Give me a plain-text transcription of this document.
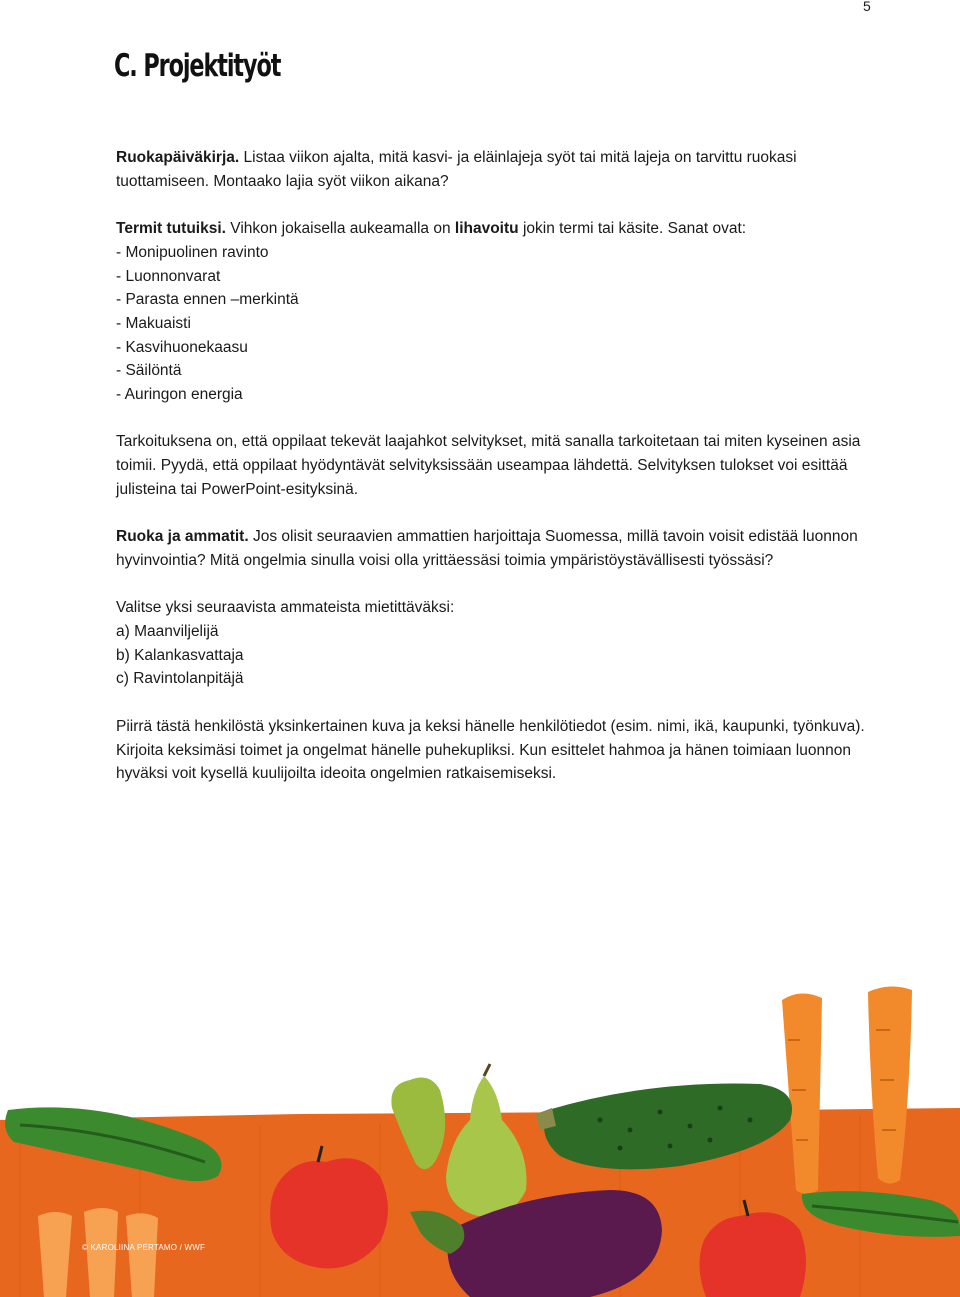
5
C. Projektityöt

Ruokapäiväkirja. Listaa viikon ajalta, mitä kasvi- ja eläinlajeja syöt tai mitä lajeja on tarvittu ruokasi tuottamiseen. Montaako lajia syöt viikon aikana?

Termit tutuiksi. Vihkon jokaisella aukeamalla on lihavoitu jokin termi tai käsite. Sanat ovat:

- Monipuolinen ravinto
- Luonnonvarat
- Parasta ennen –merkintä
- Makuaisti
- Kasvihuonekaasu
- Säilöntä
- Auringon energia

Tarkoituksena on, että oppilaat tekevät laajahkot selvitykset, mitä sanalla tarkoitetaan tai miten kyseinen asia toimii. Pyydä, että oppilaat hyödyntävät selvityksissään useampaa lähdettä. Selvityksen tulokset voi esittää julisteina tai PowerPoint-esityksinä.

Ruoka ja ammatit. Jos olisit seuraavien ammattien harjoittaja Suomessa, millä tavoin voisit edistää luonnon hyvinvointia? Mitä ongelmia sinulla voisi olla yrittäessäsi toimia ympäristöystävällisesti työssäsi?

Valitse yksi seuraavista ammateista mietittäväksi:

a) Maanviljelijä
b) Kalankasvattaja
c) Ravintolanpitäjä

Piirrä tästä henkilöstä yksinkertainen kuva ja keksi hänelle henkilötiedot (esim. nimi, ikä, kaupunki, työnkuva). Kirjoita keksimäsi toimet ja ongelmat hänelle puhekupliksi. Kun esittelet hahmoa ja hänen toimiaan luonnon hyväksi voit kysellä kuulijoilta ideoita ongelmien ratkaisemiseksi.

© KAROLIINA PERTAMO / WWF
